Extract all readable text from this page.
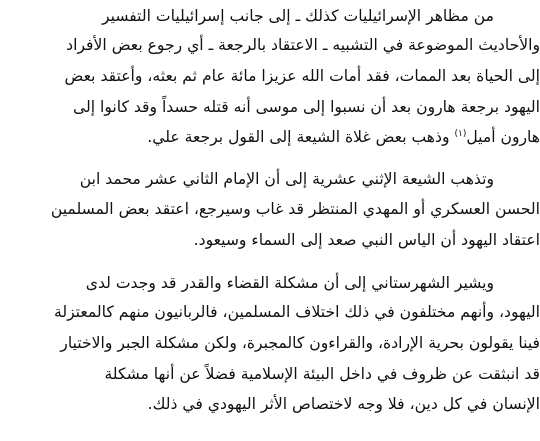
من مظاهر الإسرائيليات كذلك ـ إلى جانب إسرائيليات التفسير
والأحاديث الموضوعة في التشبيه ـ الاعتقاد بالرجعة ـ أي رجوع بعض الأفراد
إلى الحياة بعد الممات، فقد أمات الله عزيزا مائة عام ثم بعثه، وأعتقد بعض
اليهود برجعة هارون بعد أن نسبوا إلى موسى أنه قتله حسداً وقد كانوا إلى
هارون أميل$^{(١)}$ وذهب بعض غلاة الشيعة إلى القول برجعة علي.
وتذهب الشيعة الإثني عشرية إلى أن الإمام الثاني عشر محمد ابن
الحسن العسكري أو المهدي المنتظر قد غاب وسيرجع، اعتقد بعض المسلمين
اعتقاد اليهود أن الياس النبي صعد إلى السماء وسيعود.
ويشير الشهرستاني إلى أن مشكلة القضاء والقدر قد وجدت لدى
اليهود، وأنهم مختلفون في ذلك اختلاف المسلمين، فالربانيون منهم كالمعتزلة
فينا يقولون بحرية الإرادة، والقراءون كالمجبرة، ولكن مشكلة الجبر والاختيار
قد انبثقت عن ظروف في داخل البيئة الإسلامية فضلاً عن أنها مشكلة
الإنسان في كل دين، فلا وجه لاختصاص الأثر اليهودي في ذلك.
